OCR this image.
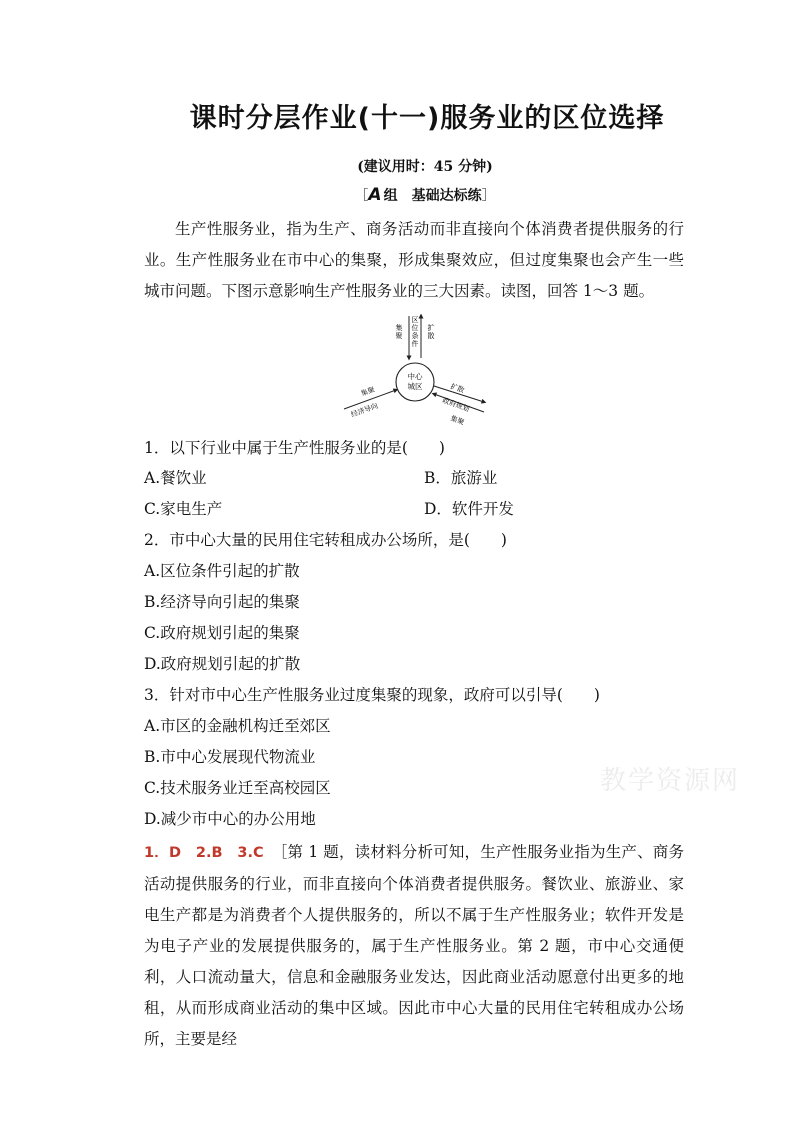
课时分层作业(十一)服务业的区位选择
(建议用时：45 分钟)
［A 组　基础达标练］
生产性服务业，指为生产、商务活动而非直接向个体消费者提供服务的行业。生产性服务业在市中心的集聚，形成集聚效应，但过度集聚也会产生一些城市问题。下图示意影响生产性服务业的三大因素。读图，回答 1～3 题。
中心
城区
区位条件
集聚
扩散
集聚
经济导向
扩散
政府规划
集聚
1．以下行业中属于生产性服务业的是(　　)
A.餐饮业	B．旅游业
C.家电生产	D．软件开发
2．市中心大量的民用住宅转租成办公场所，是(　　)
A.区位条件引起的扩散
B.经济导向引起的集聚
C.政府规划引起的集聚
D.政府规划引起的扩散
3．针对市中心生产性服务业过度集聚的现象，政府可以引导(　　)
A.市区的金融机构迁至郊区
B.市中心发展现代物流业
C.技术服务业迁至高校园区
D.减少市中心的办公用地
教学资源网
1．D　2.B　3.C　 ［第 1 题，读材料分析可知，生产性服务业指为生产、商务活动提供服务的行业，而非直接向个体消费者提供服务。餐饮业、旅游业、家电生产都是为消费者个人提供服务的，所以不属于生产性服务业；软件开发是为电子产业的发展提供服务的，属于生产性服务业。第 2 题，市中心交通便利，人口流动量大，信息和金融服务业发达，因此商业活动愿意付出更多的地租，从而形成商业活动的集中区域。因此市中心大量的民用住宅转租成办公场所，主要是经
